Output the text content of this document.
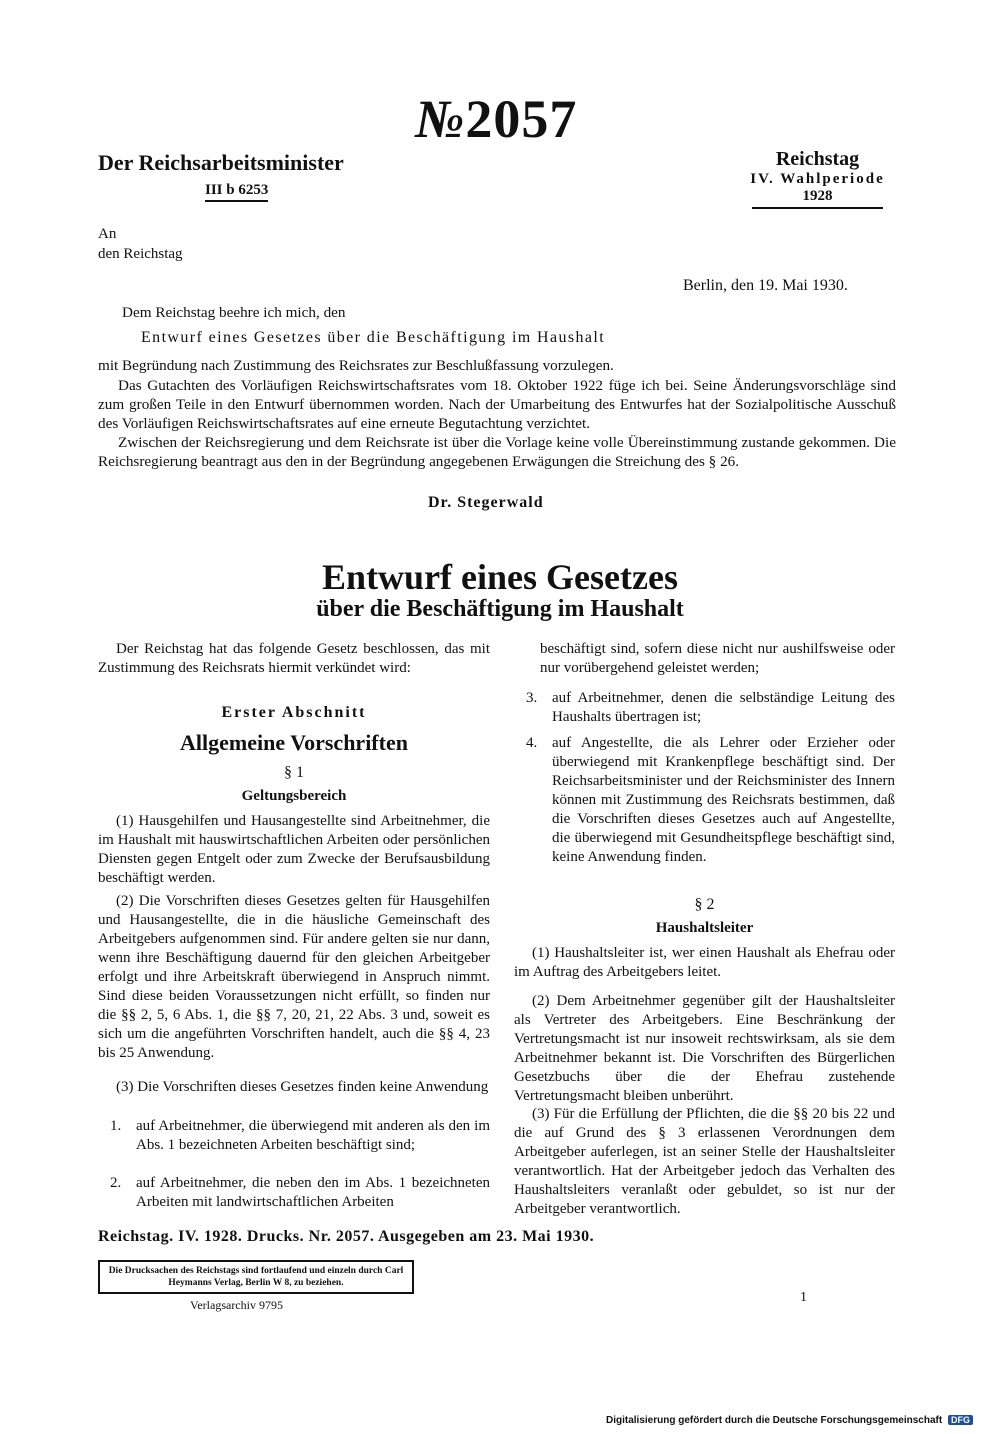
№2057
Der Reichsarbeitsminister
III b 6253
Reichstag
IV. Wahlperiode
1928
An
den Reichstag
Berlin, den 19. Mai 1930.
Dem Reichstag beehre ich mich, den
Entwurf eines Gesetzes über die Beschäftigung im Haushalt
mit Begründung nach Zustimmung des Reichsrates zur Beschlußfassung vorzulegen.
Das Gutachten des Vorläufigen Reichswirtschaftsrates vom 18. Oktober 1922 füge ich bei. Seine Änderungsvorschläge sind zum großen Teile in den Entwurf übernommen worden. Nach der Umarbeitung des Entwurfes hat der Sozialpolitische Ausschuß des Vorläufigen Reichswirtschaftsrates auf eine erneute Begutachtung verzichtet.
Zwischen der Reichsregierung und dem Reichsrate ist über die Vorlage keine volle Übereinstimmung zustande gekommen. Die Reichsregierung beantragt aus den in der Begründung angegebenen Erwägungen die Streichung des § 26.
Dr. Stegerwald
Entwurf eines Gesetzes
über die Beschäftigung im Haushalt
Der Reichstag hat das folgende Gesetz beschlossen, das mit Zustimmung des Reichsrats hiermit verkündet wird:
Erster Abschnitt
Allgemeine Vorschriften
§ 1
Geltungsbereich
(1) Hausgehilfen und Hausangestellte sind Arbeitnehmer, die im Haushalt mit hauswirtschaftlichen Arbeiten oder persönlichen Diensten gegen Entgelt oder zum Zwecke der Berufsausbildung beschäftigt werden.
(2) Die Vorschriften dieses Gesetzes gelten für Hausgehilfen und Hausangestellte, die in die häusliche Gemeinschaft des Arbeitgebers aufgenommen sind. Für andere gelten sie nur dann, wenn ihre Beschäftigung dauernd für den gleichen Arbeitgeber erfolgt und ihre Arbeitskraft überwiegend in Anspruch nimmt. Sind diese beiden Voraussetzungen nicht erfüllt, so finden nur die §§ 2, 5, 6 Abs. 1, die §§ 7, 20, 21, 22 Abs. 3 und, soweit es sich um die angeführten Vorschriften handelt, auch die §§ 4, 23 bis 25 Anwendung.
(3) Die Vorschriften dieses Gesetzes finden keine Anwendung
1. auf Arbeitnehmer, die überwiegend mit anderen als den im Abs. 1 bezeichneten Arbeiten beschäftigt sind;
2. auf Arbeitnehmer, die neben den im Abs. 1 bezeichneten Arbeiten mit landwirtschaftlichen Arbeiten
beschäftigt sind, sofern diese nicht nur aushilfsweise oder nur vorübergehend geleistet werden;
3. auf Arbeitnehmer, denen die selbständige Leitung des Haushalts übertragen ist;
4. auf Angestellte, die als Lehrer oder Erzieher oder überwiegend mit Krankenpflege beschäftigt sind. Der Reichsarbeitsminister und der Reichsminister des Innern können mit Zustimmung des Reichsrats bestimmen, daß die Vorschriften dieses Gesetzes auch auf Angestellte, die überwiegend mit Gesundheitspflege beschäftigt sind, keine Anwendung finden.
§ 2
Haushaltsleiter
(1) Haushaltsleiter ist, wer einen Haushalt als Ehefrau oder im Auftrag des Arbeitgebers leitet.
(2) Dem Arbeitnehmer gegenüber gilt der Haushaltsleiter als Vertreter des Arbeitgebers. Eine Beschränkung der Vertretungsmacht ist nur insoweit rechtswirksam, als sie dem Arbeitnehmer bekannt ist. Die Vorschriften des Bürgerlichen Gesetzbuchs über die der Ehefrau zustehende Vertretungsmacht bleiben unberührt.
(3) Für die Erfüllung der Pflichten, die die §§ 20 bis 22 und die auf Grund des § 3 erlassenen Verordnungen dem Arbeitgeber auferlegen, ist an seiner Stelle der Haushaltsleiter verantwortlich. Hat der Arbeitgeber jedoch das Verhalten des Haushaltsleiters veranlaßt oder gebuldet, so ist nur der Arbeitgeber verantwortlich.
Reichstag. IV. 1928. Drucks. Nr. 2057. Ausgegeben am 23. Mai 1930.
Die Drucksachen des Reichstags sind fortlaufend und einzeln durch Carl Heymanns Verlag, Berlin W 8, zu beziehen.
Verlagsarchiv 9795	1
Digitalisierung gefördert durch die Deutsche Forschungsgemeinschaft DFG
